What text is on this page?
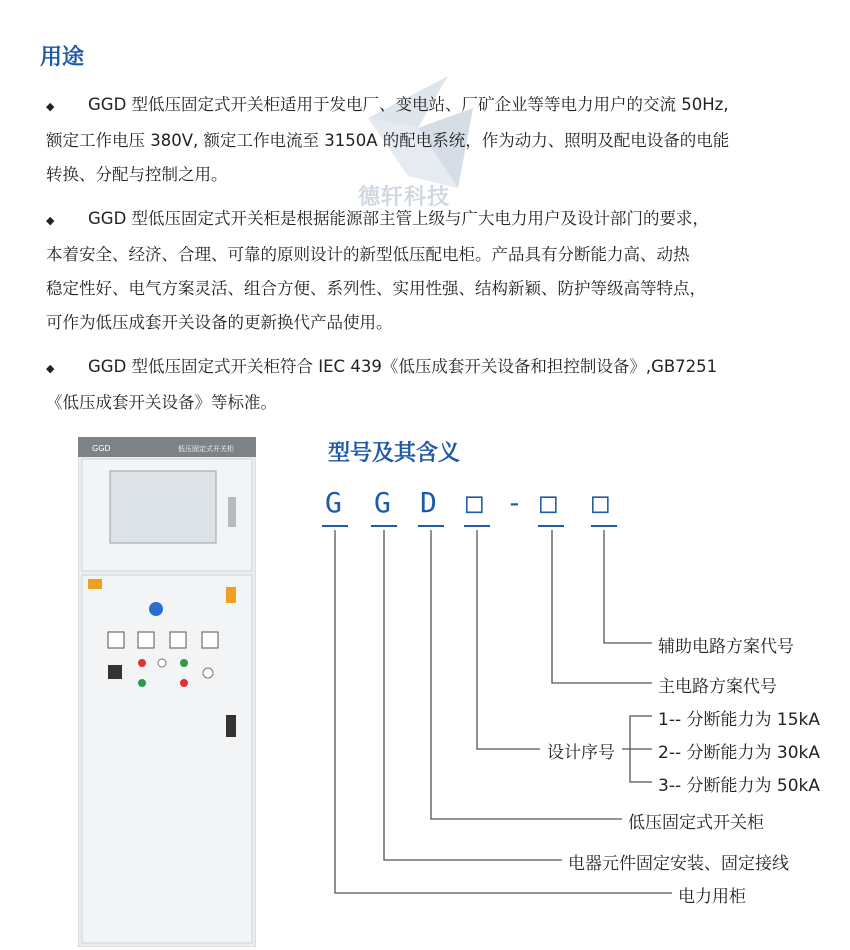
用途
德轩科技
◆ GGD 型低压固定式开关柜适用于发电厂、变电站、厂矿企业等等电力用户的交流 50Hz,
额定工作电压 380V, 额定工作电流至 3150A 的配电系统，作为动力、照明及配电设备的电能
转换、分配与控制之用。
◆ GGD 型低压固定式开关柜是根据能源部主管上级与广大电力用户及设计部门的要求，
本着安全、经济、合理、可靠的原则设计的新型低压配电柜。产品具有分断能力高、动热
稳定性好、电气方案灵活、组合方便、系列性、实用性强、结构新颖、防护等级高等特点，
可作为低压成套开关设备的更新换代产品使用。
◆ GGD 型低压固定式开关柜符合 IEC 439《低压成套开关设备和担控制设备》,GB7251
《低压成套开关设备》等标准。
GGD	低压固定式开关柜	型号及其含义
G G D □ - □ □
辅助电路方案代号
主电路方案代号
1-- 分断能力为 15kA
设计序号	2-- 分断能力为 30kA
3-- 分断能力为 50kA
低压固定式开关柜
电器元件固定安装、固定接线
电力用柜
